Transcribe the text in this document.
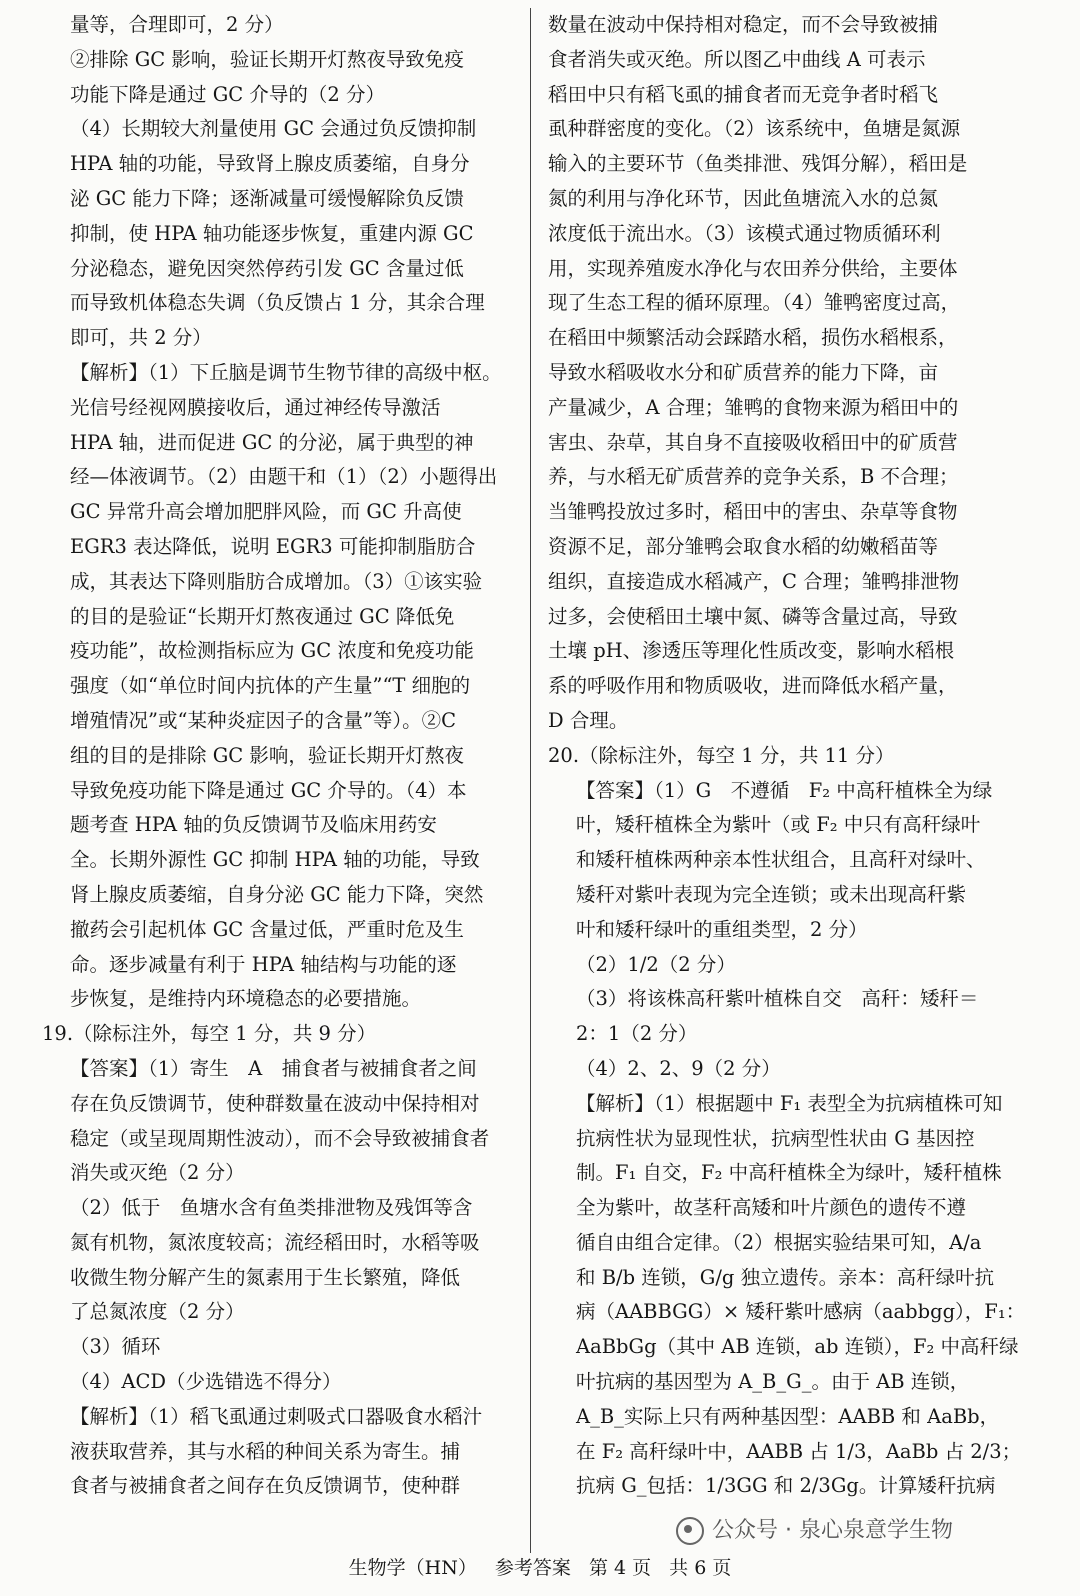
量等，合理即可，2 分）
②排除 GC 影响，验证长期开灯熬夜导致免疫
功能下降是通过 GC 介导的（2 分）
（4）长期较大剂量使用 GC 会通过负反馈抑制
HPA 轴的功能，导致肾上腺皮质萎缩，自身分
泌 GC 能力下降；逐渐减量可缓慢解除负反馈
抑制，使 HPA 轴功能逐步恢复，重建内源 GC
分泌稳态，避免因突然停药引发 GC 含量过低
而导致机体稳态失调（负反馈占 1 分，其余合理
即可，共 2 分）
【解析】（1）下丘脑是调节生物节律的高级中枢。
光信号经视网膜接收后，通过神经传导激活
HPA 轴，进而促进 GC 的分泌，属于典型的神
经—体液调节。（2）由题干和（1）（2）小题得出
GC 异常升高会增加肥胖风险，而 GC 升高使
EGR3 表达降低，说明 EGR3 可能抑制脂肪合
成，其表达下降则脂肪合成增加。（3）①该实验
的目的是验证“长期开灯熬夜通过 GC 降低免
疫功能”，故检测指标应为 GC 浓度和免疫功能
强度（如“单位时间内抗体的产生量”“T 细胞的
增殖情况”或“某种炎症因子的含量”等）。②C
组的目的是排除 GC 影响，验证长期开灯熬夜
导致免疫功能下降是通过 GC 介导的。（4）本
题考查 HPA 轴的负反馈调节及临床用药安
全。长期外源性 GC 抑制 HPA 轴的功能，导致
肾上腺皮质萎缩，自身分泌 GC 能力下降，突然
撤药会引起机体 GC 含量过低，严重时危及生
命。逐步减量有利于 HPA 轴结构与功能的逐
步恢复，是维持内环境稳态的必要措施。
19.（除标注外，每空 1 分，共 9 分）
【答案】（1）寄生　A　捕食者与被捕食者之间
存在负反馈调节，使种群数量在波动中保持相对
稳定（或呈现周期性波动），而不会导致被捕食者
消失或灭绝（2 分）
（2）低于　鱼塘水含有鱼类排泄物及残饵等含
氮有机物，氮浓度较高；流经稻田时，水稻等吸
收微生物分解产生的氮素用于生长繁殖，降低
了总氮浓度（2 分）
（3）循环
（4）ACD（少选错选不得分）
【解析】（1）稻飞虱通过刺吸式口器吸食水稻汁
液获取营养，其与水稻的种间关系为寄生。捕
食者与被捕食者之间存在负反馈调节，使种群
数量在波动中保持相对稳定，而不会导致被捕
食者消失或灭绝。所以图乙中曲线 A 可表示
稻田中只有稻飞虱的捕食者而无竞争者时稻飞
虱种群密度的变化。（2）该系统中，鱼塘是氮源
输入的主要环节（鱼类排泄、残饵分解），稻田是
氮的利用与净化环节，因此鱼塘流入水的总氮
浓度低于流出水。（3）该模式通过物质循环利
用，实现养殖废水净化与农田养分供给，主要体
现了生态工程的循环原理。（4）雏鸭密度过高，
在稻田中频繁活动会踩踏水稻，损伤水稻根系，
导致水稻吸收水分和矿质营养的能力下降，亩
产量减少，A 合理；雏鸭的食物来源为稻田中的
害虫、杂草，其自身不直接吸收稻田中的矿质营
养，与水稻无矿质营养的竞争关系，B 不合理；
当雏鸭投放过多时，稻田中的害虫、杂草等食物
资源不足，部分雏鸭会取食水稻的幼嫩稻苗等
组织，直接造成水稻减产，C 合理；雏鸭排泄物
过多，会使稻田土壤中氮、磷等含量过高，导致
土壤 pH、渗透压等理化性质改变，影响水稻根
系的呼吸作用和物质吸收，进而降低水稻产量，
D 合理。
20.（除标注外，每空 1 分，共 11 分）
【答案】（1）G　不遵循　F₂ 中高秆植株全为绿
叶，矮秆植株全为紫叶（或 F₂ 中只有高秆绿叶
和矮秆植株两种亲本性状组合，且高秆对绿叶、
矮秆对紫叶表现为完全连锁；或未出现高秆紫
叶和矮秆绿叶的重组类型，2 分）
（2）1/2（2 分）
（3）将该株高秆紫叶植株自交　高秆：矮秆＝
2：1（2 分）
（4）2、2、9（2 分）
【解析】（1）根据题中 F₁ 表型全为抗病植株可知
抗病性状为显现性状，抗病型性状由 G 基因控
制。F₁ 自交，F₂ 中高秆植株全为绿叶，矮秆植株
全为紫叶，故茎秆高矮和叶片颜色的遗传不遵
循自由组合定律。（2）根据实验结果可知，A/a
和 B/b 连锁，G/g 独立遗传。亲本：高秆绿叶抗
病（AABBGG）× 矮秆紫叶感病（aabbgg），F₁：
AaBbGg（其中 AB 连锁，ab 连锁），F₂ 中高秆绿
叶抗病的基因型为 A_B_G_。由于 AB 连锁，
A_B_实际上只有两种基因型：AABB 和 AaBb，
在 F₂ 高秆绿叶中，AABB 占 1/3，AaBb 占 2/3；
抗病 G_包括：1/3GG 和 2/3Gg。计算矮秆抗病
公众号 · 泉心泉意学生物
生物学（HN） 参考答案 第 4 页 共 6 页
